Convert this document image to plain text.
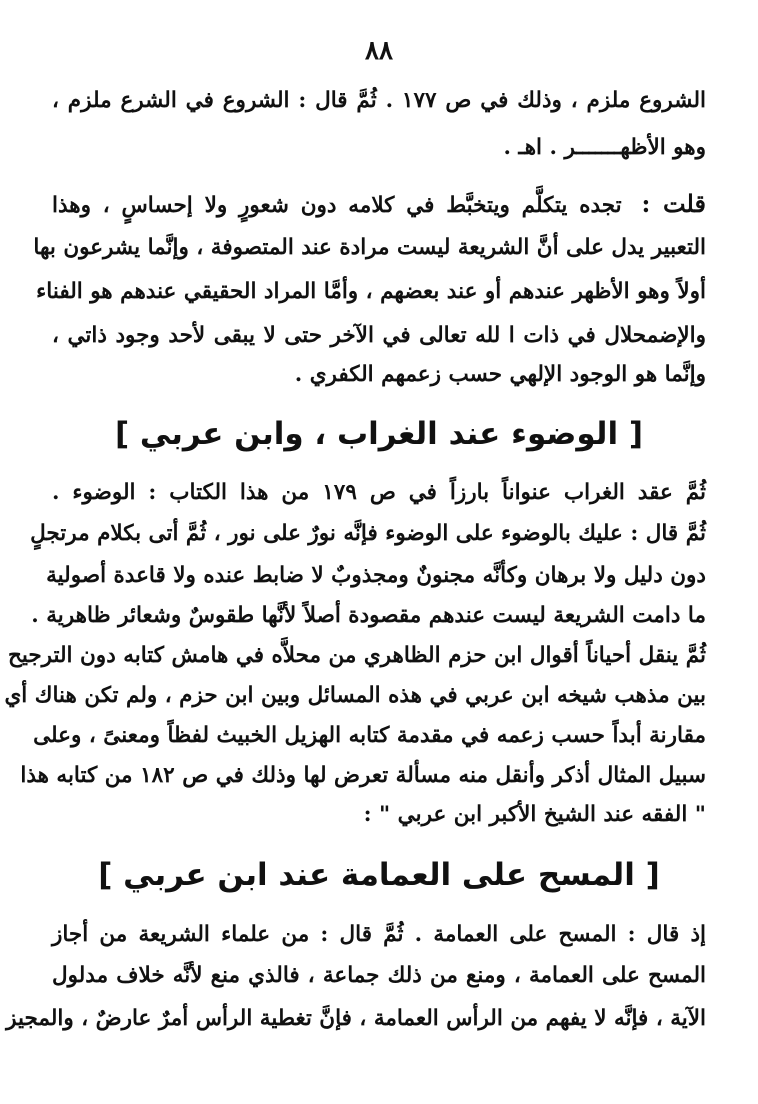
٨٨
الشروع ملزم ، وذلك في ص ١٧٧ . ثُمَّ قال : الشروع في الشرع ملزم ،
وهو الأظهـــــــر . اهـ .
قلت : تجده يتكلَّم ويتخبَّط في كلامه دون شعورٍ ولا إحساسٍ ، وهذا
التعبير يدل على أنَّ الشريعة ليست مرادة عند المتصوفة ، وإنَّما يشرعون بها
أولاً وهو الأظهر عندهم أو عند بعضهم ، وأمَّا المراد الحقيقي عندهم هو الفناء
والإضمحلال في ذات ا لله تعالى في الآخر حتى لا يبقى لأحد وجود ذاتي ،
وإنَّما هو الوجود الإلهي حسب زعمهم الكفري .
[ الوضوء عند الغراب ، وابن عربي ]
ثُمَّ عقد الغراب عنواناً بارزاً في ص ١٧٩ من هذا الكتاب : الوضوء .
ثُمَّ قال : عليك بالوضوء على الوضوء فإنَّه نورٌ على نور ، ثُمَّ أتى بكلام مرتجلٍ
دون دليل ولا برهان وكأنَّه مجنونٌ ومجذوبٌ لا ضابط عنده ولا قاعدة أصولية
ما دامت الشريعة ليست عندهم مقصودة أصلاً لأنَّها طقوسٌ وشعائر ظاهرية .
ثُمَّ ينقل أحياناً أقوال ابن حزم الظاهري من محلاَّه في هامش كتابه دون الترجيح
بين مذهب شيخه ابن عربي في هذه المسائل وبين ابن حزم ، ولم تكن هناك أي
مقارنة أبداً حسب زعمه في مقدمة كتابه الهزيل الخبيث لفظاً ومعنىً ، وعلى
سبيل المثال أذكر وأنقل منه مسألة تعرض لها وذلك في ص ١٨٢ من كتابه هذا
" الفقه عند الشيخ الأكبر ابن عربي " :
[ المسح على العمامة عند ابن عربي ]
إذ قال : المسح على العمامة . ثُمَّ قال : من علماء الشريعة من أجاز
المسح على العمامة ، ومنع من ذلك جماعة ، فالذي منع لأنَّه خلاف مدلول
الآية ، فإنَّه لا يفهم من الرأس العمامة ، فإنَّ تغطية الرأس أمرٌ عارضٌ ، والمجيز
